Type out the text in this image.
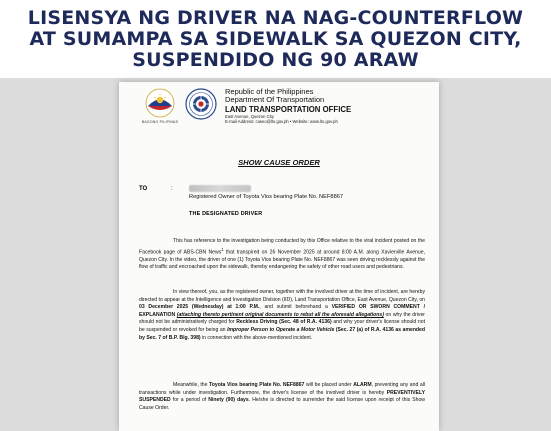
LISENSYA NG DRIVER NA NAG-COUNTERFLOW
AT SUMAMPA SA SIDEWALK SA QUEZON CITY,
SUSPENDIDO NG 90 ARAW
BAGONG PILIPINAS
Republic of the Philippines
Department Of Transportation
LAND TRANSPORTATION OFFICE
East Avenue, Quezon City
E-mail Address: caseo@lto.gov.ph • Website: www.lto.gov.ph
SHOW CAUSE ORDER
TO	:
Registered Owner of Toyota Vios bearing Plate No. NEF8867
THE DESIGNATED DRIVER
This has reference to the investigation being conducted by this Office relative to the viral incident posted on the Facebook page of ABS-CBN News$^1$ that transpired on 26 November 2025 at around 8:00 A.M. along Xavierville Avenue, Quezon City. In the video, the driver of one (1) Toyota Vios bearing Plate No. NEF8867 was seen driving recklessly against the flow of traffic and encroached upon the sidewalk, thereby endangering the safety of other road users and pedestrians.
In view thereof, you, as the registered owner, together with the involved driver at the time of incident, are hereby directed to appear at the Intelligence and Investigation Division (IID), Land Transportation Office, East Avenue, Quezon City, on 03 December 2025 (Wednesday) at 1:00 P.M., and submit beforehand a VERIFIED OR SWORN COMMENT / EXPLANATION (attaching thereto pertinent original documents to rebut all the aforesaid allegations) on why the driver should not be administratively charged for Reckless Driving (Sec. 48 of R.A. 4136) and why your driver's license should not be suspended or revoked for being an Improper Person to Operate a Motor Vehicle (Sec. 27 (a) of R.A. 4136 as amended by Sec. 7 of B.P. Blg. 398) in connection with the above-mentioned incident.
Meanwhile, the Toyota Vios bearing Plate No. NEF8867 will be placed under ALARM, preventing any and all transactions while under investigation. Furthermore, the driver's license of the involved driver is hereby PREVENTIVELY SUSPENDED for a period of Ninety (90) days. He/she is directed to surrender the said license upon receipt of this Show Cause Order.
